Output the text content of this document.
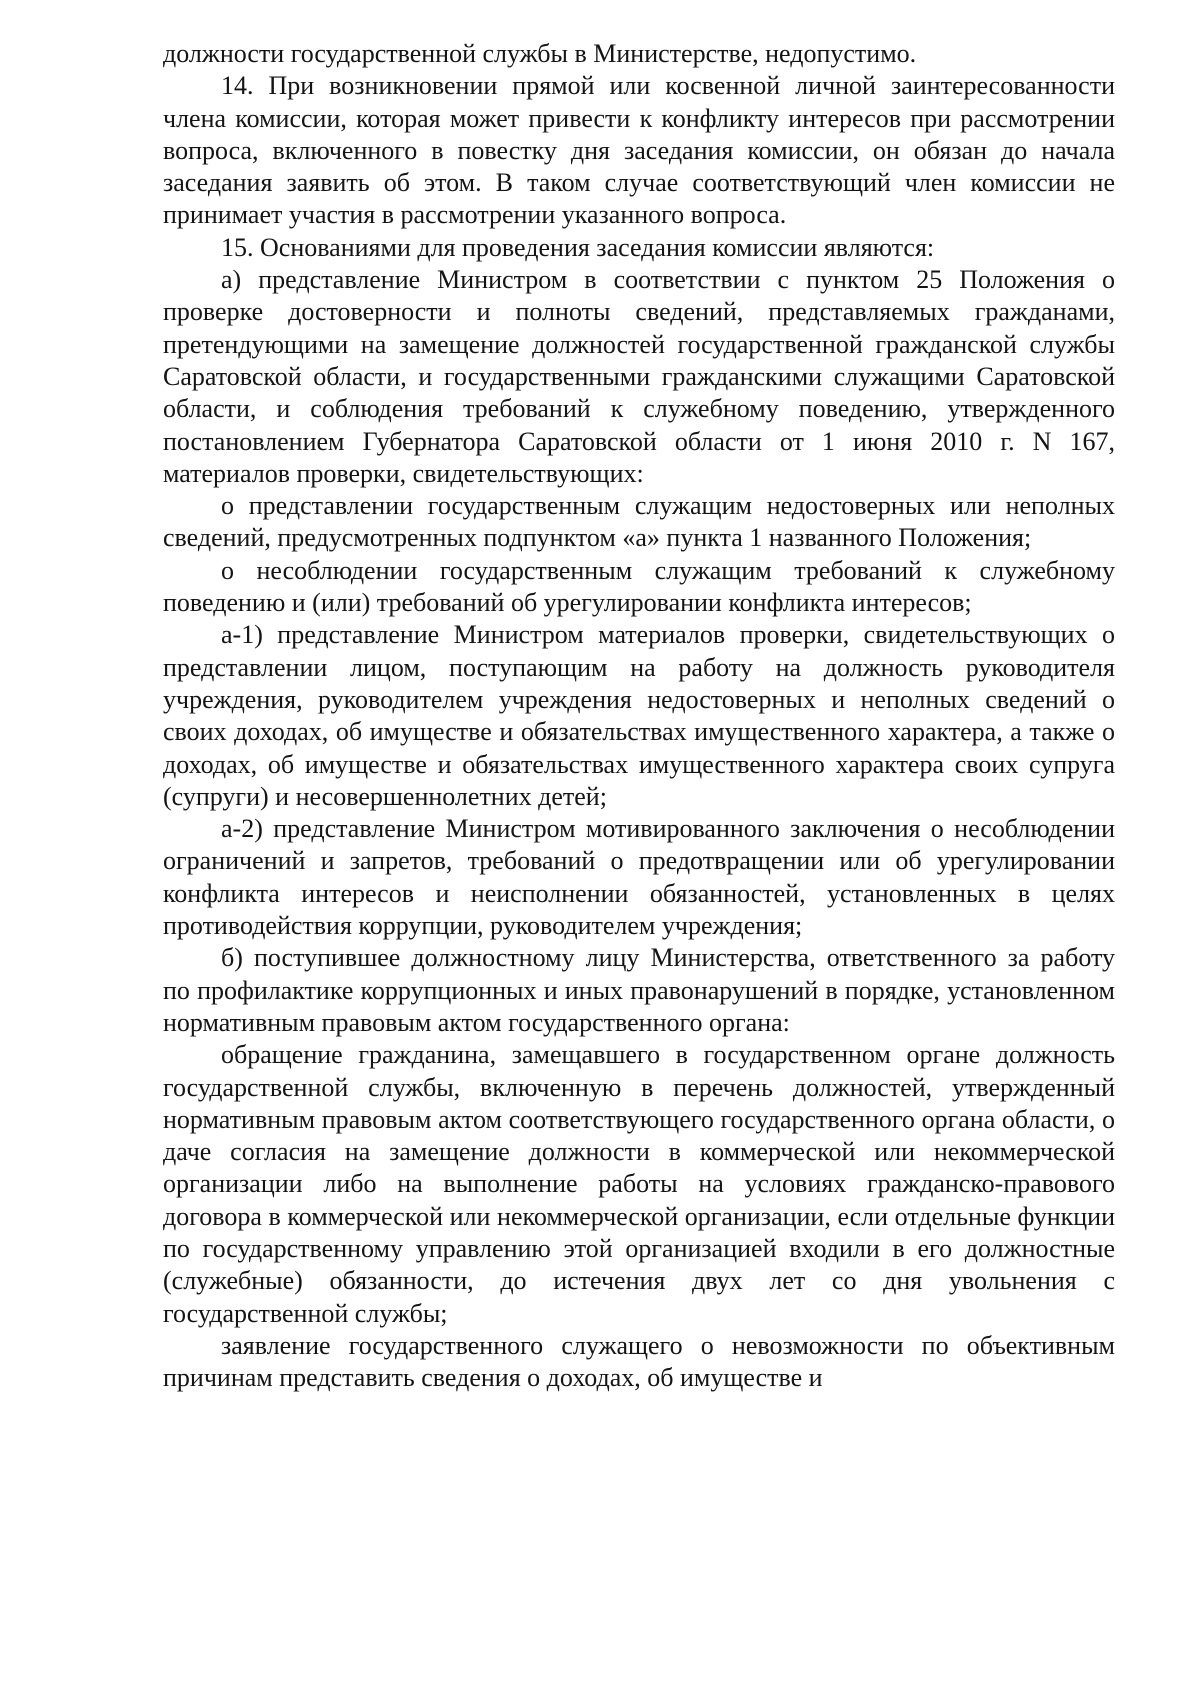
должности государственной службы в Министерстве, недопустимо.

14. При возникновении прямой или косвенной личной заинтересованности члена комиссии, которая может привести к конфликту интересов при рассмотрении вопроса, включенного в повестку дня заседания комиссии, он обязан до начала заседания заявить об этом. В таком случае соответствующий член комиссии не принимает участия в рассмотрении указанного вопроса.

15. Основаниями для проведения заседания комиссии являются:

а) представление Министром в соответствии с пунктом 25 Положения о проверке достоверности и полноты сведений, представляемых гражданами, претендующими на замещение должностей государственной гражданской службы Саратовской области, и государственными гражданскими служащими Саратовской области, и соблюдения требований к служебному поведению, утвержденного постановлением Губернатора Саратовской области от 1 июня 2010 г. N 167, материалов проверки, свидетельствующих:

о представлении государственным служащим недостоверных или неполных сведений, предусмотренных подпунктом «а» пункта 1 названного Положения;

о несоблюдении государственным служащим требований к служебному поведению и (или) требований об урегулировании конфликта интересов;

а-1) представление Министром материалов проверки, свидетельствующих о представлении лицом, поступающим на работу на должность руководителя учреждения, руководителем учреждения недостоверных и неполных сведений о своих доходах, об имуществе и обязательствах имущественного характера, а также о доходах, об имуществе и обязательствах имущественного характера своих супруга (супруги) и несовершеннолетних детей;

а-2) представление Министром мотивированного заключения о несоблюдении ограничений и запретов, требований о предотвращении или об урегулировании конфликта интересов и неисполнении обязанностей, установленных в целях противодействия коррупции, руководителем учреждения;

б) поступившее должностному лицу Министерства, ответственного за работу по профилактике коррупционных и иных правонарушений в порядке, установленном нормативным правовым актом государственного органа:

обращение гражданина, замещавшего в государственном органе должность государственной службы, включенную в перечень должностей, утвержденный нормативным правовым актом соответствующего государственного органа области, о даче согласия на замещение должности в коммерческой или некоммерческой организации либо на выполнение работы на условиях гражданско-правового договора в коммерческой или некоммерческой организации, если отдельные функции по государственному управлению этой организацией входили в его должностные (служебные) обязанности, до истечения двух лет со дня увольнения с государственной службы;

заявление государственного служащего о невозможности по объективным причинам представить сведения о доходах, об имуществе и
